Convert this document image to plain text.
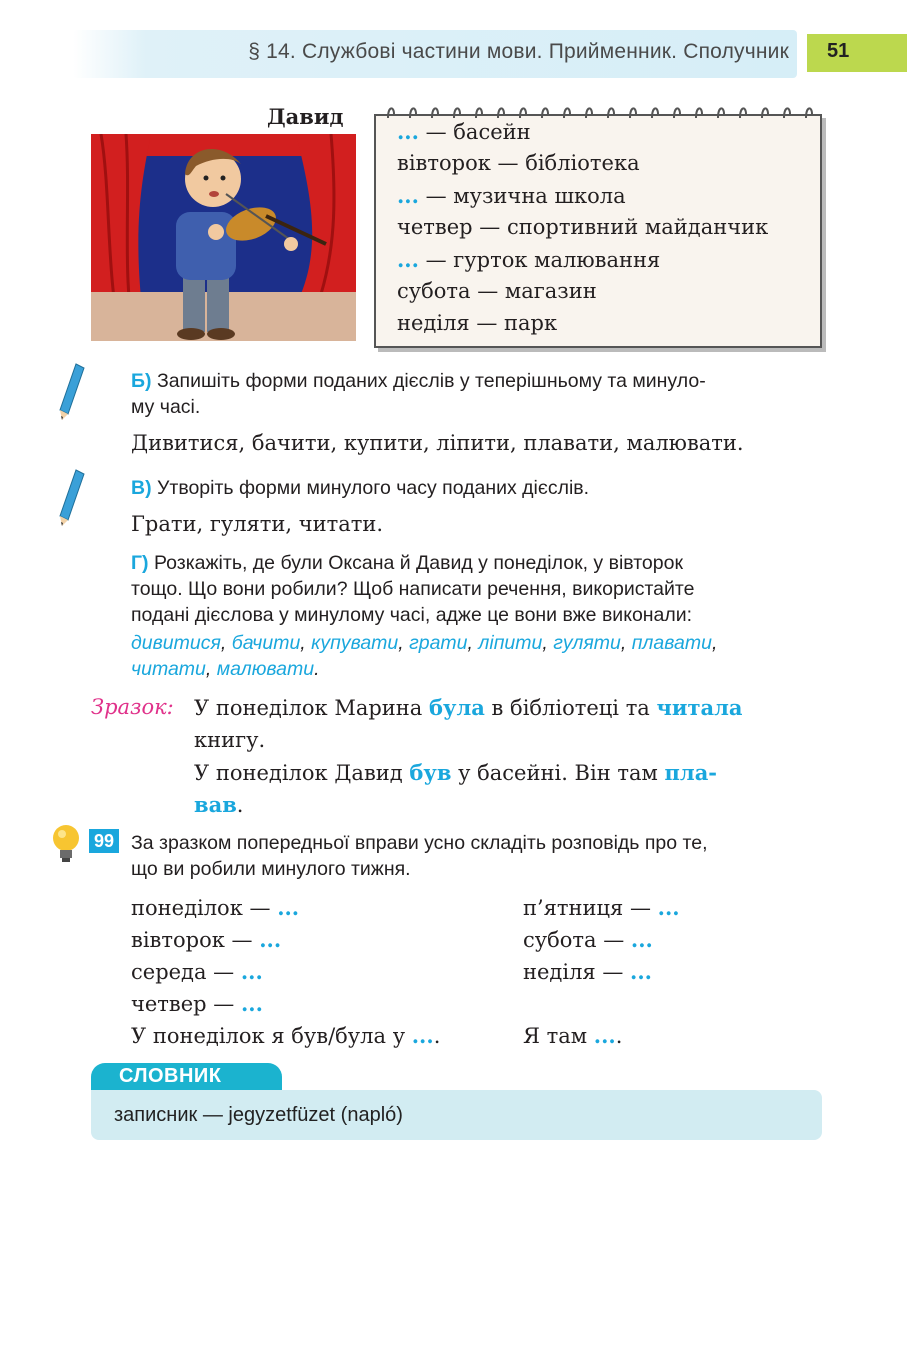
§ 14. Службові частини мови. Прийменник. Сполучник 51
Давид
... — басейн
вівторок — бібліотека
... — музична школа
четвер — спортивний майданчик
... — гурток малювання
субота — магазин
неділя — парк
Б) Запишіть форми поданих дієслів у теперішньому та минуло-
му часі.
Дивитися, бачити, купити, ліпити, плавати, малювати.
В) Утворіть форми минулого часу поданих дієслів.
Грати, гуляти, читати.
Г) Розкажіть, де були Оксана й Давид у понеділок, у вівторок
тощо. Що вони робили? Щоб написати речення, використайте
подані дієслова у минулому часі, адже це вони вже виконали:
дивитися, бачити, купувати, грати, ліпити, гуляти, плавати,
читати, малювати.
Зразок: У понеділок Марина була в бібліотеці та читала
книгу.
У понеділок Давид був у басейні. Він там пла-
вав.
99 За зразком попередньої вправи усно складіть розповідь про те,
що ви робили минулого тижня.
понеділок — ...
вівторок — ...
середа — ...
четвер — ...
У понеділок я був/була у ....
п’ятниця — ...
субота — ...
неділя — ...
Я там ....
СЛОВНИК
записник — jegyzetfüzet (napló)
